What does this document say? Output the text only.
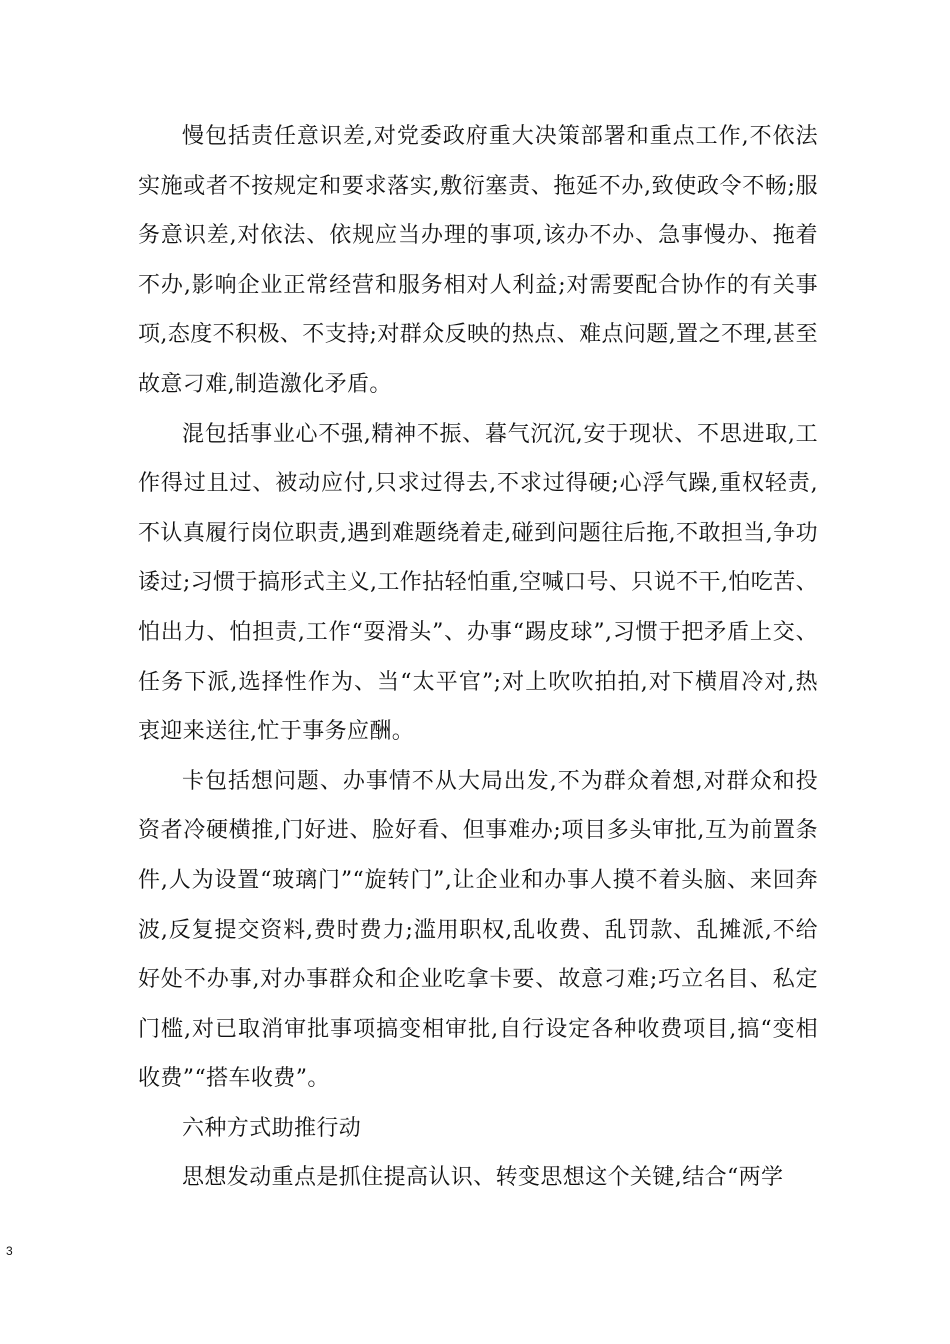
慢包括责任意识差,对党委政府重大决策部署和重点工作,不依法实施或者不按规定和要求落实,敷衍塞责、拖延不办,致使政令不畅;服务意识差,对依法、依规应当办理的事项,该办不办、急事慢办、拖着不办,影响企业正常经营和服务相对人利益;对需要配合协作的有关事项,态度不积极、不支持;对群众反映的热点、难点问题,置之不理,甚至故意刁难,制造激化矛盾。

混包括事业心不强,精神不振、暮气沉沉,安于现状、不思进取,工作得过且过、被动应付,只求过得去,不求过得硬;心浮气躁,重权轻责,不认真履行岗位职责,遇到难题绕着走,碰到问题往后拖,不敢担当,争功诿过;习惯于搞形式主义,工作拈轻怕重,空喊口号、只说不干,怕吃苦、怕出力、怕担责,工作“耍滑头”、办事“踢皮球”,习惯于把矛盾上交、任务下派,选择性作为、当“太平官”;对上吹吹拍拍,对下横眉冷对,热衷迎来送往,忙于事务应酬。

卡包括想问题、办事情不从大局出发,不为群众着想,对群众和投资者冷硬横推,门好进、脸好看、但事难办;项目多头审批,互为前置条件,人为设置“玻璃门”“旋转门”,让企业和办事人摸不着头脑、来回奔波,反复提交资料,费时费力;滥用职权,乱收费、乱罚款、乱摊派,不给好处不办事,对办事群众和企业吃拿卡要、故意刁难;巧立名目、私定门槛,对已取消审批事项搞变相审批,自行设定各种收费项目,搞“变相收费”“搭车收费”。

六种方式助推行动

思想发动重点是抓住提高认识、转变思想这个关键,结合“两学

3
